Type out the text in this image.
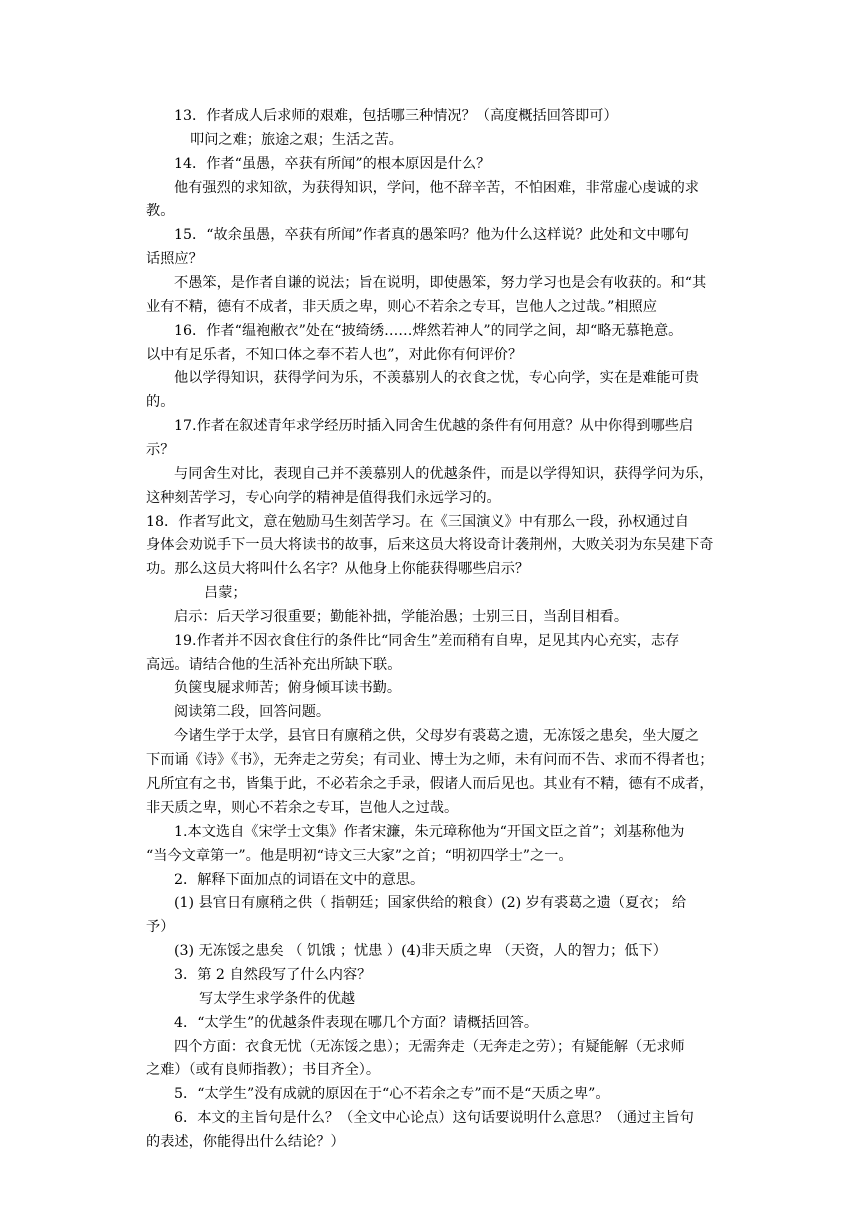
13．作者成人后求师的艰难，包括哪三种情况？（高度概括回答即可）
叩问之难；旅途之艰；生活之苦。
14．作者“虽愚，卒获有所闻”的根本原因是什么？
他有强烈的求知欲，为获得知识，学问，他不辞辛苦，不怕困难，非常虚心虔诚的求
教。
15．“故余虽愚，卒获有所闻”作者真的愚笨吗？他为什么这样说？此处和文中哪句
话照应？
不愚笨，是作者自谦的说法；旨在说明，即使愚笨，努力学习也是会有收获的。和“其
业有不精，德有不成者，非天质之卑，则心不若余之专耳，岂他人之过哉。”相照应
16．作者“缊袍敝衣”处在“披绮绣……烨然若神人”的同学之间，却“略无慕艳意。
以中有足乐者，不知口体之奉不若人也”，对此你有何评价？
他以学得知识，获得学问为乐，不羡慕别人的衣食之忧，专心向学，实在是难能可贵
的。
17.作者在叙述青年求学经历时插入同舍生优越的条件有何用意？从中你得到哪些启
示？
与同舍生对比，表现自己并不羡慕别人的优越条件，而是以学得知识，获得学问为乐，
这种刻苦学习，专心向学的精神是值得我们永远学习的。
18．作者写此文，意在勉励马生刻苦学习。在《三国演义》中有那么一段，孙权通过自
身体会劝说手下一员大将读书的故事，后来这员大将设奇计袭荆州，大败关羽为东吴建下奇
功。那么这员大将叫什么名字？从他身上你能获得哪些启示？
吕蒙；
启示：后天学习很重要；勤能补拙，学能治愚；士别三日，当刮目相看。
19.作者并不因衣食住行的条件比“同舍生”差而稍有自卑，足见其内心充实，志存
高远。请结合他的生活补充出所缺下联。
负箧曳屣求师苦；俯身倾耳读书勤。
阅读第二段，回答问题。
今诸生学于太学，县官日有廪稍之供，父母岁有裘葛之遗，无冻馁之患矣，坐大厦之
下而诵《诗》《书》，无奔走之劳矣；有司业、博士为之师，未有问而不告、求而不得者也；
凡所宜有之书，皆集于此，不必若余之手录，假诸人而后见也。其业有不精，德有不成者，
非天质之卑，则心不若余之专耳，岂他人之过哉。
1.本文选自《宋学士文集》作者宋濂，朱元璋称他为“开国文臣之首”；刘基称他为
“当今文章第一”。他是明初“诗文三大家”之首；“明初四学士”之一。
2．解释下面加点的词语在文中的意思。
(1) 县官日有廪稍之供（ 指朝廷；国家供给的粮食）(2) 岁有裘葛之遗（夏衣； 给
予）
(3) 无冻馁之患矣 （ 饥饿 ；忧患 ）(4)非天质之卑 （天资，人的智力；低下）
3．第 2 自然段写了什么内容？
写太学生求学条件的优越
4．“太学生”的优越条件表现在哪几个方面？请概括回答。
四个方面：衣食无忧（无冻馁之患）；无需奔走（无奔走之劳）；有疑能解（无求师
之难）（或有良师指教）；书目齐全）。
5．“太学生”没有成就的原因在于“心不若余之专”而不是“天质之卑”。
6．本文的主旨句是什么？（全文中心论点）这句话要说明什么意思？（通过主旨句
的表述，你能得出什么结论？）
